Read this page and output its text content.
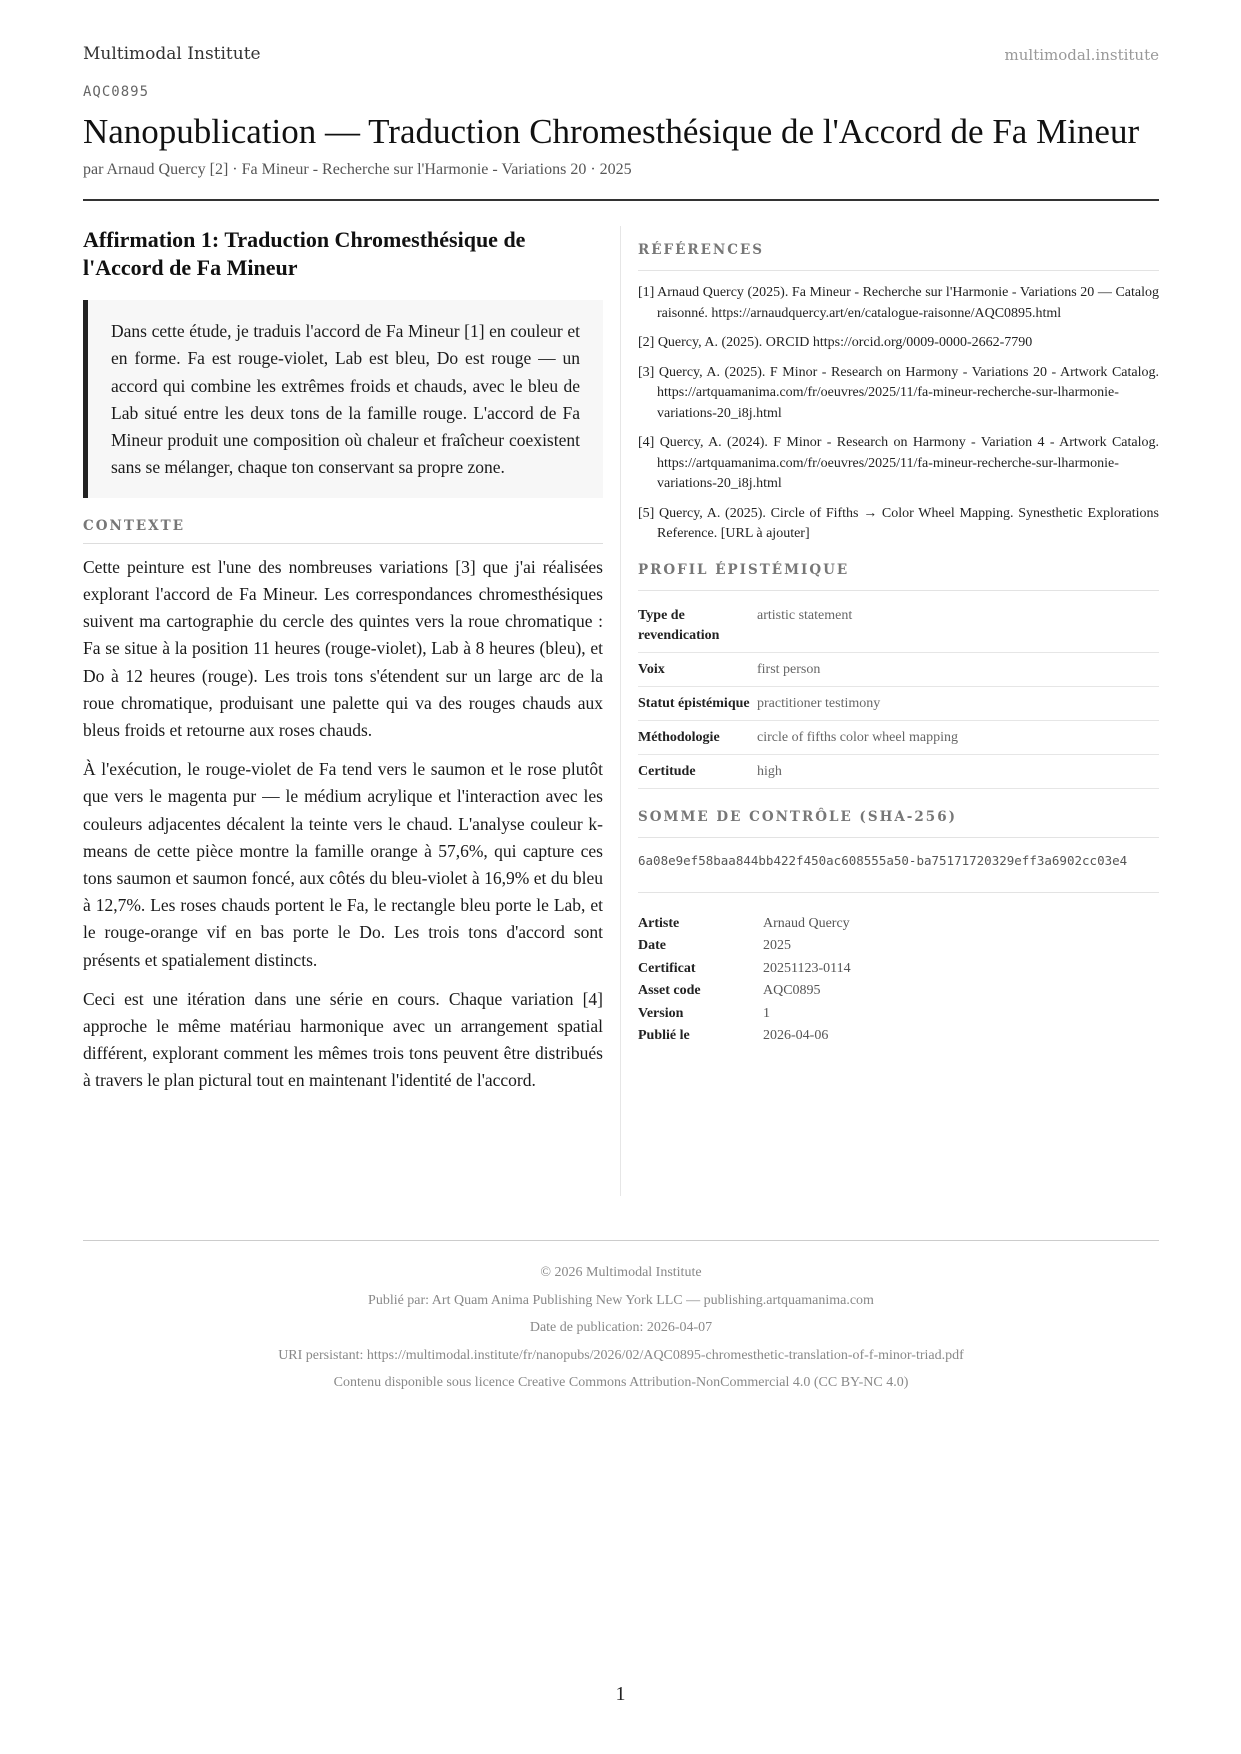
Multimodal Institute	multimodal.institute
AQC0895
Nanopublication — Traduction Chromesthésique de l'Accord de Fa Mineur
par Arnaud Quercy [2] · Fa Mineur - Recherche sur l'Harmonie - Variations 20 · 2025
Affirmation 1: Traduction Chromesthésique de l'Accord de Fa Mineur
Dans cette étude, je traduis l'accord de Fa Mineur [1] en couleur et en forme. Fa est rouge-violet, Lab est bleu, Do est rouge — un accord qui combine les extrêmes froids et chauds, avec le bleu de Lab situé entre les deux tons de la famille rouge. L'accord de Fa Mineur produit une composition où chaleur et fraîcheur coexistent sans se mélanger, chaque ton conservant sa propre zone.
CONTEXTE

Cette peinture est l'une des nombreuses variations [3] que j'ai réalisées explorant l'accord de Fa Mineur. Les correspondances chromesthésiques suivent ma cartographie du cercle des quintes vers la roue chromatique : Fa se situe à la position 11 heures (rouge-violet), Lab à 8 heures (bleu), et Do à 12 heures (rouge). Les trois tons s'étendent sur un large arc de la roue chromatique, produisant une palette qui va des rouges chauds aux bleus froids et retourne aux roses chauds.

À l'exécution, le rouge-violet de Fa tend vers le saumon et le rose plutôt que vers le magenta pur — le médium acrylique et l'interaction avec les couleurs adjacentes décalent la teinte vers le chaud. L'analyse couleur k-means de cette pièce montre la famille orange à 57,6%, qui capture ces tons saumon et saumon foncé, aux côtés du bleu-violet à 16,9% et du bleu à 12,7%. Les roses chauds portent le Fa, le rectangle bleu porte le Lab, et le rouge-orange vif en bas porte le Do. Les trois tons d'accord sont présents et spatialement distincts.

Ceci est une itération dans une série en cours. Chaque variation [4] approche le même matériau harmonique avec un arrangement spatial différent, explorant comment les mêmes trois tons peuvent être distribués à travers le plan pictural tout en maintenant l'identité de l'accord.

RÉFÉRENCES
[1] Arnaud Quercy (2025). Fa Mineur - Recherche sur l'Harmonie - Variations 20 — Catalog raisonné. https://arnaudquercy.art/en/catalogue-raisonne/AQC0895.html
[2] Quercy, A. (2025). ORCID https://orcid.org/0009-0000-2662-7790
[3] Quercy, A. (2025). F Minor - Research on Harmony - Variations 20 - Artwork Catalog. https://artquamanima.com/fr/oeuvres/2025/11/fa-mineur-recherche-sur-lharmonie-variations-20_i8j.html
[4] Quercy, A. (2024). F Minor - Research on Harmony - Variation 4 - Artwork Catalog. https://artquamanima.com/fr/oeuvres/2025/11/fa-mineur-recherche-sur-lharmonie-variations-20_i8j.html
[5] Quercy, A. (2025). Circle of Fifths → Color Wheel Mapping. Synesthetic Explorations Reference. [URL à ajouter]
PROFIL ÉPISTÉMIQUE
Type de revendication	artistic statement
Voix	first person
Statut épistémique	practitioner testimony
Méthodologie	circle of fifths color wheel mapping
Certitude	high
SOMME DE CONTRÔLE (SHA-256)
6a08e9ef58baa844bb422f450ac608555a50-ba75171720329eff3a6902cc03e4
Artiste	Arnaud Quercy
Date	2025
Certificat	20251123-0114
Asset code	AQC0895
Version	1
Publié le	2026-04-06
© 2026 Multimodal Institute
Publié par: Art Quam Anima Publishing New York LLC — publishing.artquamanima.com
Date de publication: 2026-04-07
URI persistant: https://multimodal.institute/fr/nanopubs/2026/02/AQC0895-chromesthetic-translation-of-f-minor-triad.pdf
Contenu disponible sous licence Creative Commons Attribution-NonCommercial 4.0 (CC BY-NC 4.0)
1
